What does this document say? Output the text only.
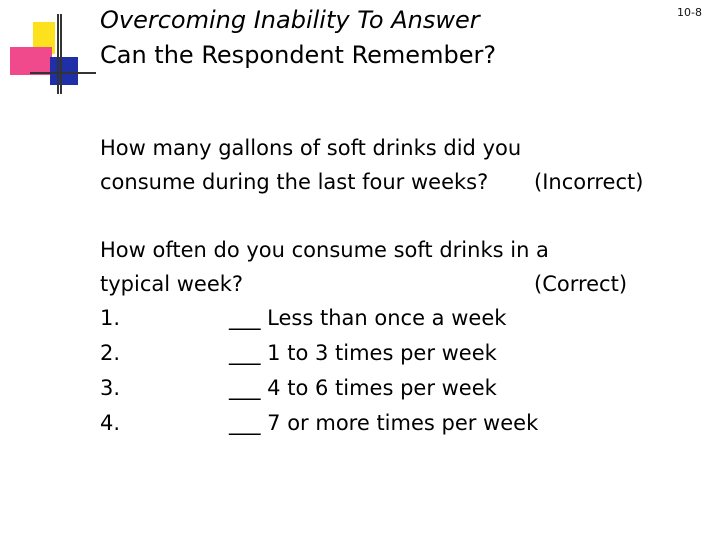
10-8
Overcoming Inability To Answer
Can the Respondent Remember?
How many gallons of soft drinks did you
consume during the last four weeks? (Incorrect)
How often do you consume soft drinks in a
typical week?	(Correct)
1.	___ Less than once a week
2.	___ 1 to 3 times per week
3.	___ 4 to 6 times per week
4.	___ 7 or more times per week
